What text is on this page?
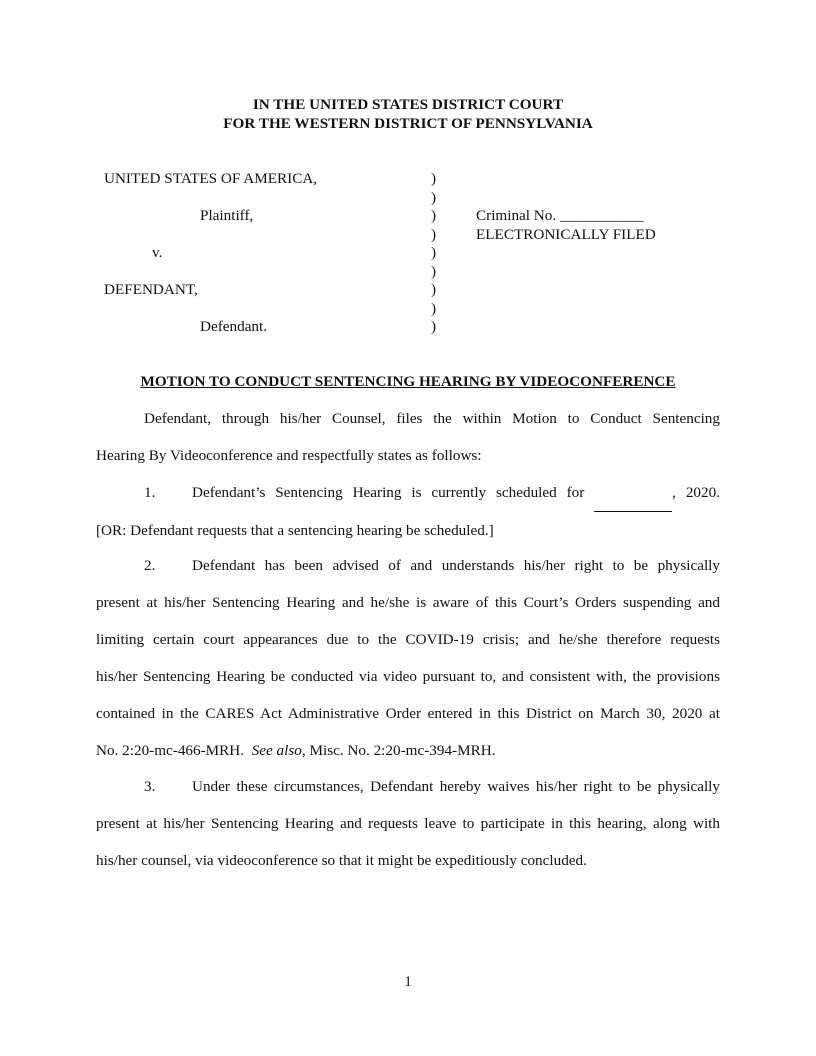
IN THE UNITED STATES DISTRICT COURT
FOR THE WESTERN DISTRICT OF PENNSYLVANIA
UNITED STATES OF AMERICA,
Plaintiff,
v.
DEFENDANT,
Defendant.
)
)
)
)
)
)
)
)
)
Criminal No. ___________
ELECTRONICALLY FILED
MOTION TO CONDUCT SENTENCING HEARING BY VIDEOCONFERENCE
Defendant, through his/her Counsel, files the within Motion to Conduct Sentencing
Hearing By Videoconference and respectfully states as follows:
1. Defendant’s Sentencing Hearing is currently scheduled for	, 2020.
[OR: Defendant requests that a sentencing hearing be scheduled.]
2. Defendant has been advised of and understands his/her right to be physically
present at his/her Sentencing Hearing and he/she is aware of this Court’s Orders suspending and
limiting certain court appearances due to the COVID-19 crisis; and he/she therefore requests
his/her Sentencing Hearing be conducted via video pursuant to, and consistent with, the provisions
contained in the CARES Act Administrative Order entered in this District on March 30, 2020 at
No. 2:20-mc-466-MRH.  See also, Misc. No. 2:20-mc-394-MRH.
3. Under these circumstances, Defendant hereby waives his/her right to be physically
present at his/her Sentencing Hearing and requests leave to participate in this hearing, along with
his/her counsel, via videoconference so that it might be expeditiously concluded.
1
